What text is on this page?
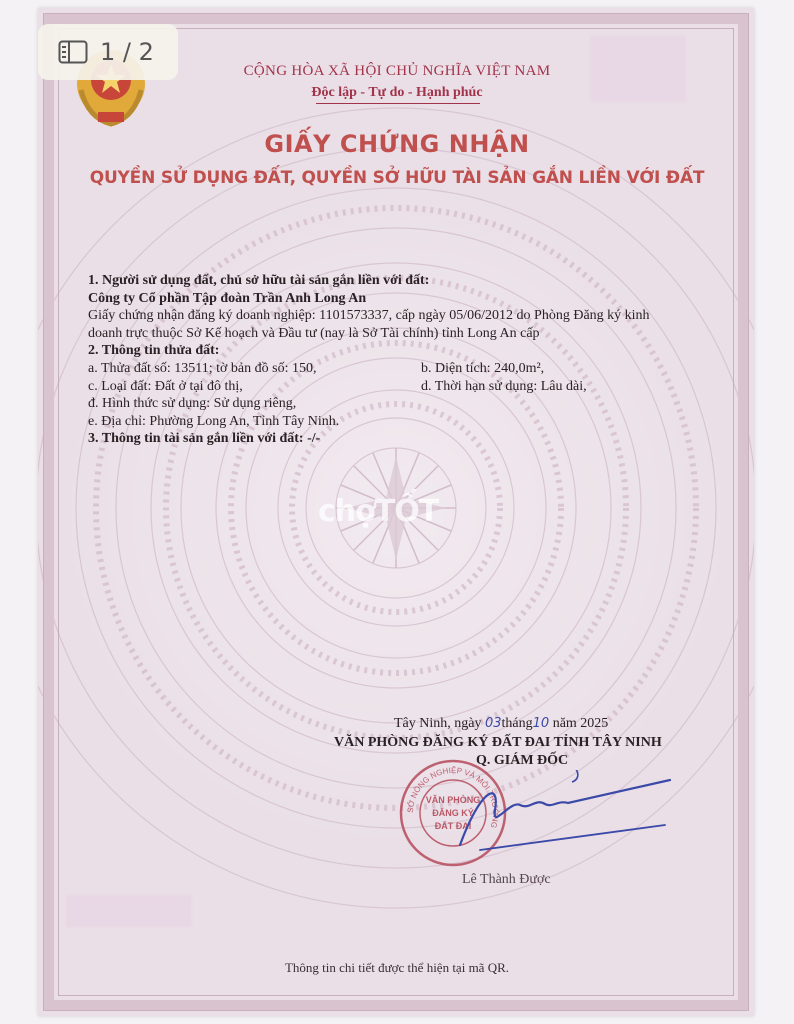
1 / 2
CỘNG HÒA XÃ HỘI CHỦ NGHĨA VIỆT NAM
Độc lập - Tự do - Hạnh phúc
GIẤY CHỨNG NHẬN
QUYỀN SỬ DỤNG ĐẤT, QUYỀN SỞ HỮU TÀI SẢN GẮN LIỀN VỚI ĐẤT
1. Người sử dụng đất, chủ sở hữu tài sản gắn liền với đất:
Công ty Cổ phần Tập đoàn Trần Anh Long An
Giấy chứng nhận đăng ký doanh nghiệp: 1101573337, cấp ngày 05/06/2012 do Phòng Đăng ký kinh
doanh trực thuộc Sở Kế hoạch và Đầu tư (nay là Sở Tài chính) tỉnh Long An cấp
2. Thông tin thửa đất:
a. Thửa đất số: 13511; tờ bản đồ số: 150,	b. Diện tích: 240,0m²,
c. Loại đất: Đất ở tại đô thị,	d. Thời hạn sử dụng: Lâu dài,
đ. Hình thức sử dụng: Sử dụng riêng,
e. Địa chỉ: Phường Long An, Tỉnh Tây Ninh.
3. Thông tin tài sản gắn liền với đất: -/-
chợTỐT
Tây Ninh, ngày 03tháng10 năm 2025
VĂN PHÒNG ĐĂNG KÝ ĐẤT ĐAI TỈNH TÂY NINH
Q. GIÁM ĐỐC
SỞ NÔNG NGHIỆP VÀ MÔI TRƯỜNG
VĂN PHÒNG
ĐĂNG KÝ
ĐẤT ĐAI
Lê Thành Được
Thông tin chi tiết được thể hiện tại mã QR.
